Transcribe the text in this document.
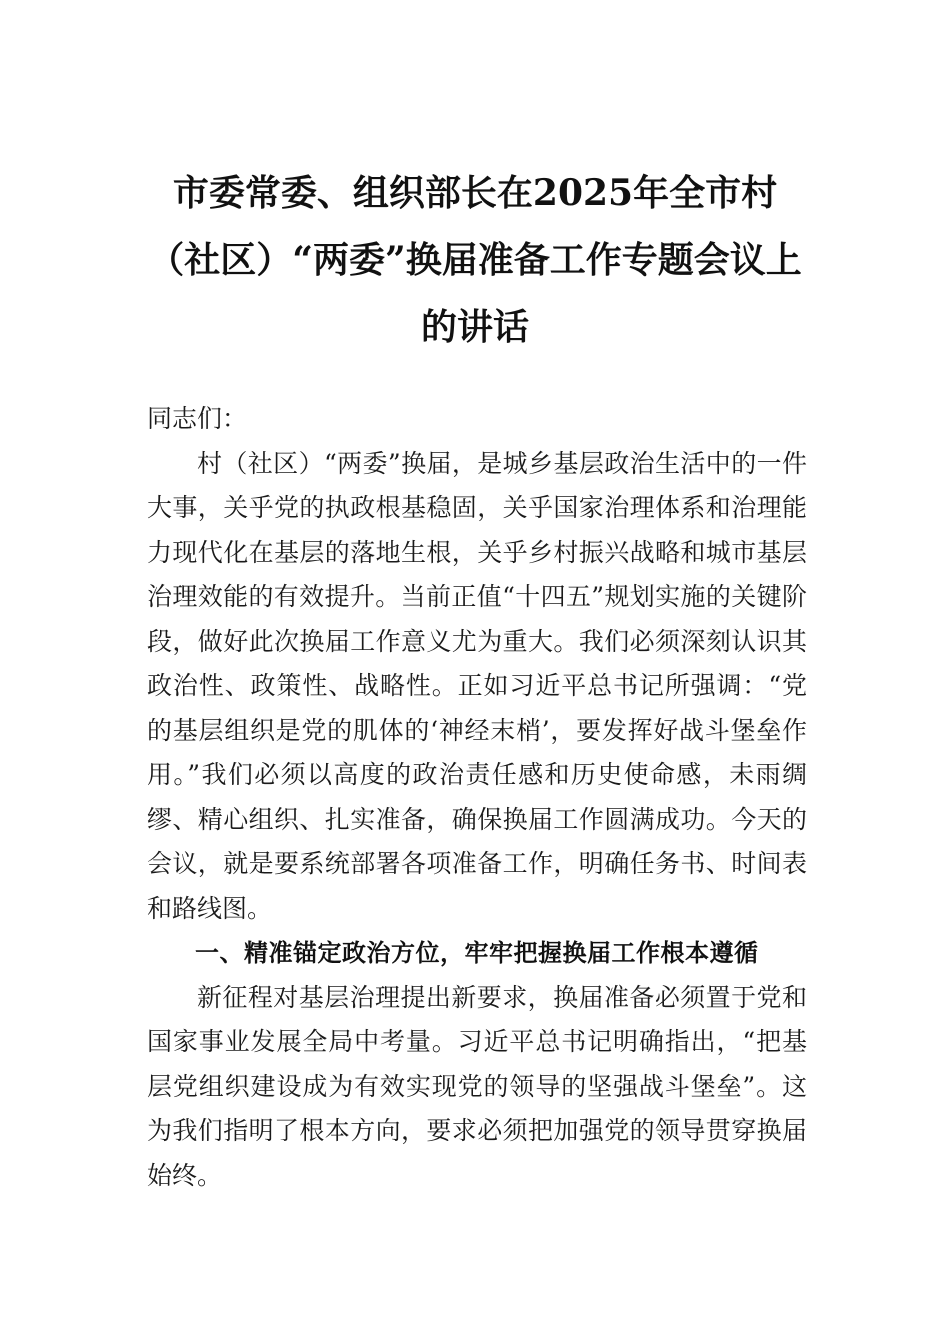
市委常委、组织部长在2025年全市村（社区）“两委”换届准备工作专题会议上的讲话

同志们：

村（社区）“两委”换届，是城乡基层政治生活中的一件大事，关乎党的执政根基稳固，关乎国家治理体系和治理能力现代化在基层的落地生根，关乎乡村振兴战略和城市基层治理效能的有效提升。当前正值“十四五”规划实施的关键阶段，做好此次换届工作意义尤为重大。我们必须深刻认识其政治性、政策性、战略性。正如习近平总书记所强调：“党的基层组织是党的肌体的‘神经末梢’，要发挥好战斗堡垒作用。”我们必须以高度的政治责任感和历史使命感，未雨绸缪、精心组织、扎实准备，确保换届工作圆满成功。今天的会议，就是要系统部署各项准备工作，明确任务书、时间表和路线图。

一、精准锚定政治方位，牢牢把握换届工作根本遵循

新征程对基层治理提出新要求，换届准备必须置于党和国家事业发展全局中考量。习近平总书记明确指出，“把基层党组织建设成为有效实现党的领导的坚强战斗堡垒”。这为我们指明了根本方向，要求必须把加强党的领导贯穿换届始终。
